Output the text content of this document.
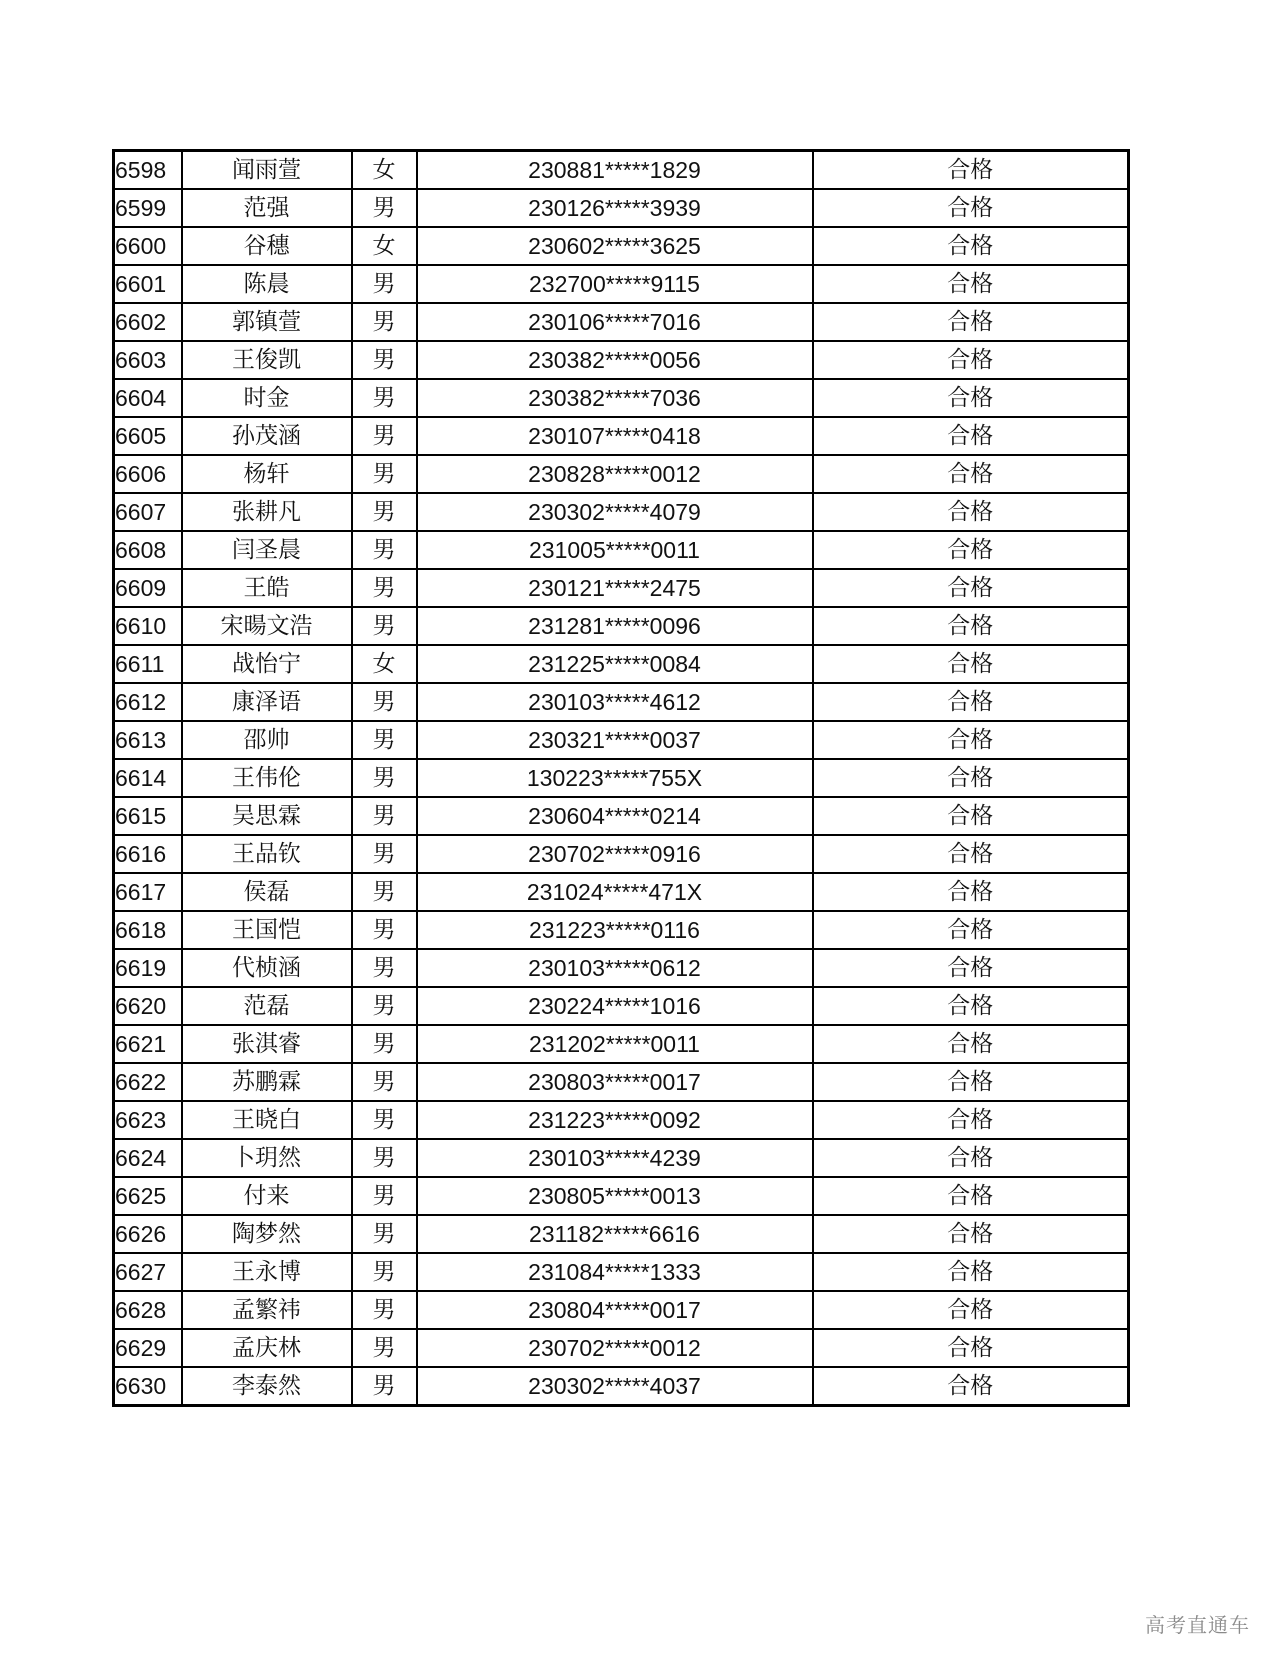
6598	闻雨萱	女	230881*****1829	合格
6599	范强	男	230126*****3939	合格
6600	谷穗	女	230602*****3625	合格
6601	陈晨	男	232700*****9115	合格
6602	郭镇萱	男	230106*****7016	合格
6603	王俊凯	男	230382*****0056	合格
6604	时金	男	230382*****7036	合格
6605	孙茂涵	男	230107*****0418	合格
6606	杨轩	男	230828*****0012	合格
6607	张耕凡	男	230302*****4079	合格
6608	闫圣晨	男	231005*****0011	合格
6609	王皓	男	230121*****2475	合格
6610	宋暘文浩	男	231281*****0096	合格
6611	战怡宁	女	231225*****0084	合格
6612	康泽语	男	230103*****4612	合格
6613	邵帅	男	230321*****0037	合格
6614	王伟伦	男	130223*****755X	合格
6615	吴思霖	男	230604*****0214	合格
6616	王品钦	男	230702*****0916	合格
6617	侯磊	男	231024*****471X	合格
6618	王国恺	男	231223*****0116	合格
6619	代桢涵	男	230103*****0612	合格
6620	范磊	男	230224*****1016	合格
6621	张淇睿	男	231202*****0011	合格
6622	苏鹏霖	男	230803*****0017	合格
6623	王晓白	男	231223*****0092	合格
6624	卜玥然	男	230103*****4239	合格
6625	付来	男	230805*****0013	合格
6626	陶梦然	男	231182*****6616	合格
6627	王永博	男	231084*****1333	合格
6628	孟繁祎	男	230804*****0017	合格
6629	孟庆林	男	230702*****0012	合格
6630	李泰然	男	230302*****4037	合格
高考直通车
